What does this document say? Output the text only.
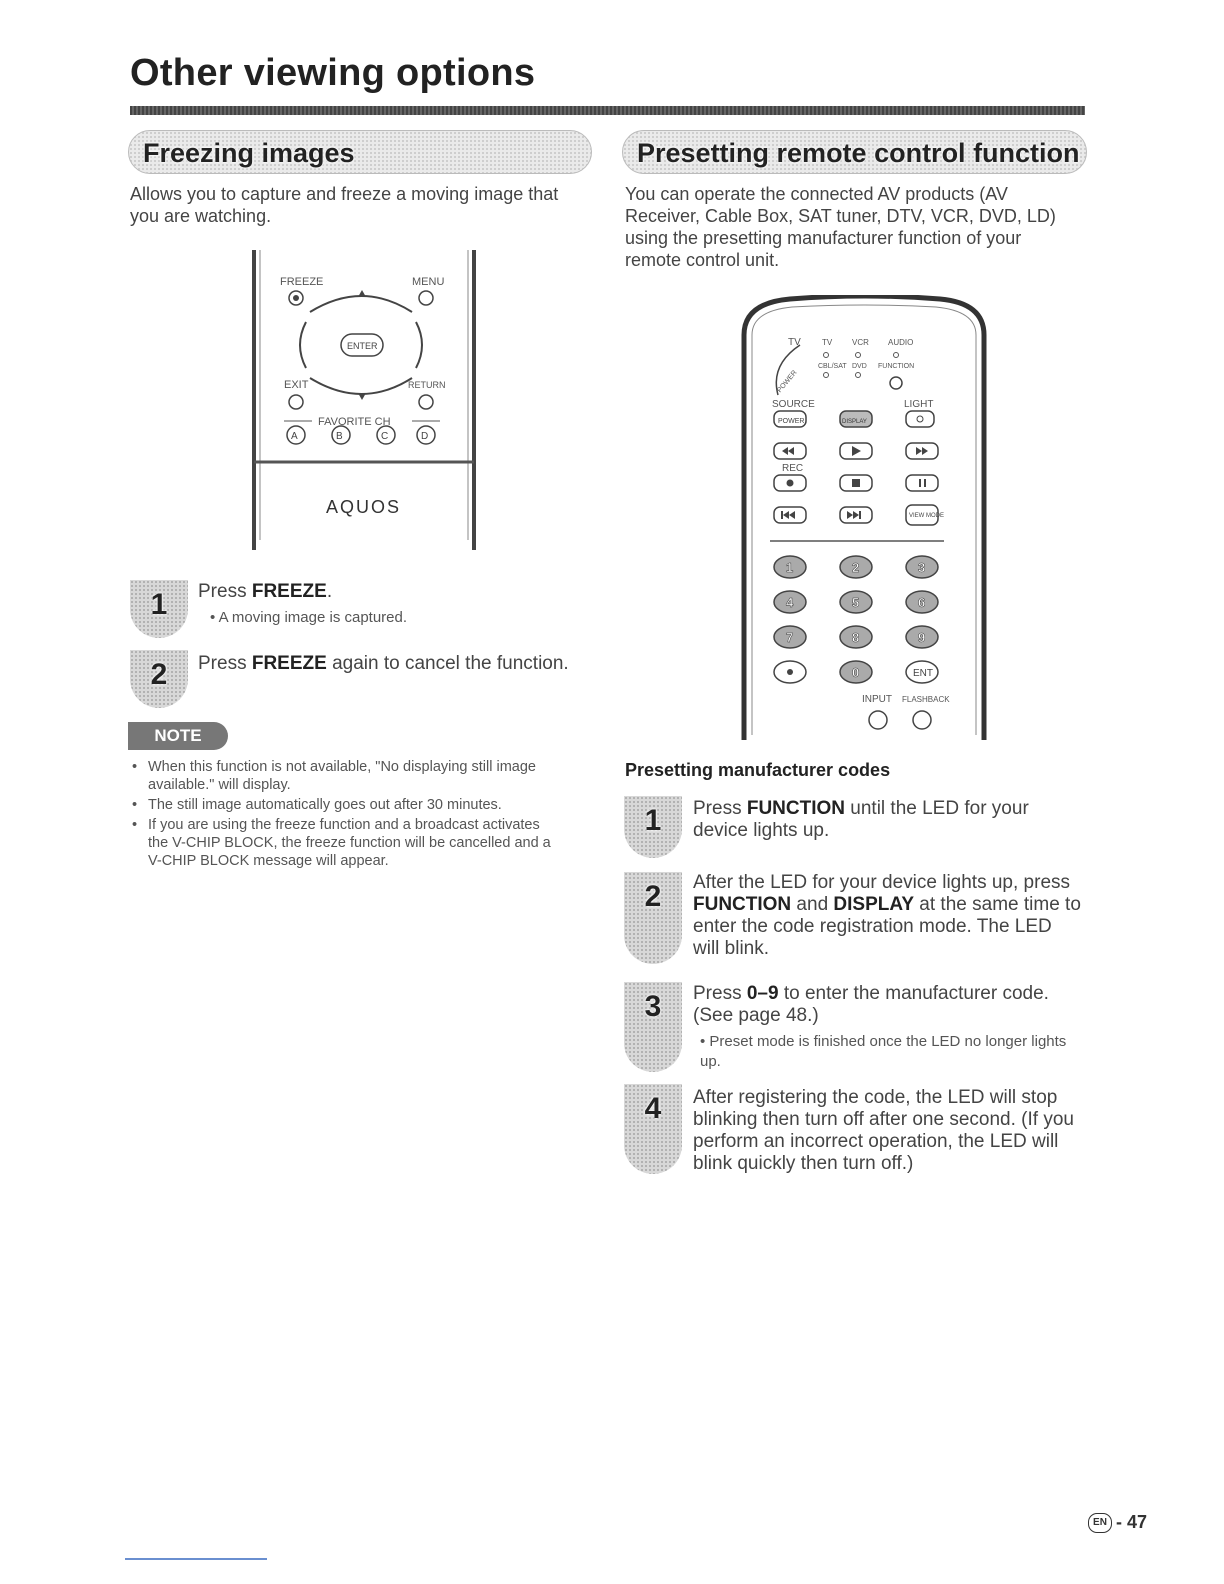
Other viewing options
Freezing images
Allows you to capture and freeze a moving image that you are watching.
FREEZE	MENU
ENTER
EXIT	RETURN
FAVORITE CH
A	B	C	D
AQUOS
1	Press FREEZE.
• A moving image is captured.
2	Press FREEZE again to cancel the function.
NOTE
• When this function is not available, "No displaying still image available." will display.
• The still image automatically goes out after 30 minutes.
• If you are using the freeze function and a broadcast activates the V-CHIP BLOCK, the freeze function will be cancelled and a V-CHIP BLOCK message will appear.
Presetting remote control function
You can operate the connected AV products (AV Receiver, Cable Box, SAT tuner, DTV, VCR, DVD, LD) using the presetting manufacturer function of your remote control unit.
TV	TV VCR AUDIO
CBL/SAT DVD FUNCTION
POWER
SOURCE	LIGHT
POWER	DISPLAY
REC
VIEW MODE
1	2	3
4	5	6
7	8	9
0	ENT
INPUT FLASHBACK
Presetting manufacturer codes
1	Press FUNCTION until the LED for your device lights up.
2	After the LED for your device lights up, press FUNCTION and DISPLAY at the same time to enter the code registration mode. The LED will blink.
3	Press 0–9 to enter the manufacturer code. (See page 48.)
• Preset mode is finished once the LED no longer lights up.
4	After registering the code, the LED will stop blinking then turn off after one second. (If you perform an incorrect operation, the LED will blink quickly then turn off.)
EN - 47
